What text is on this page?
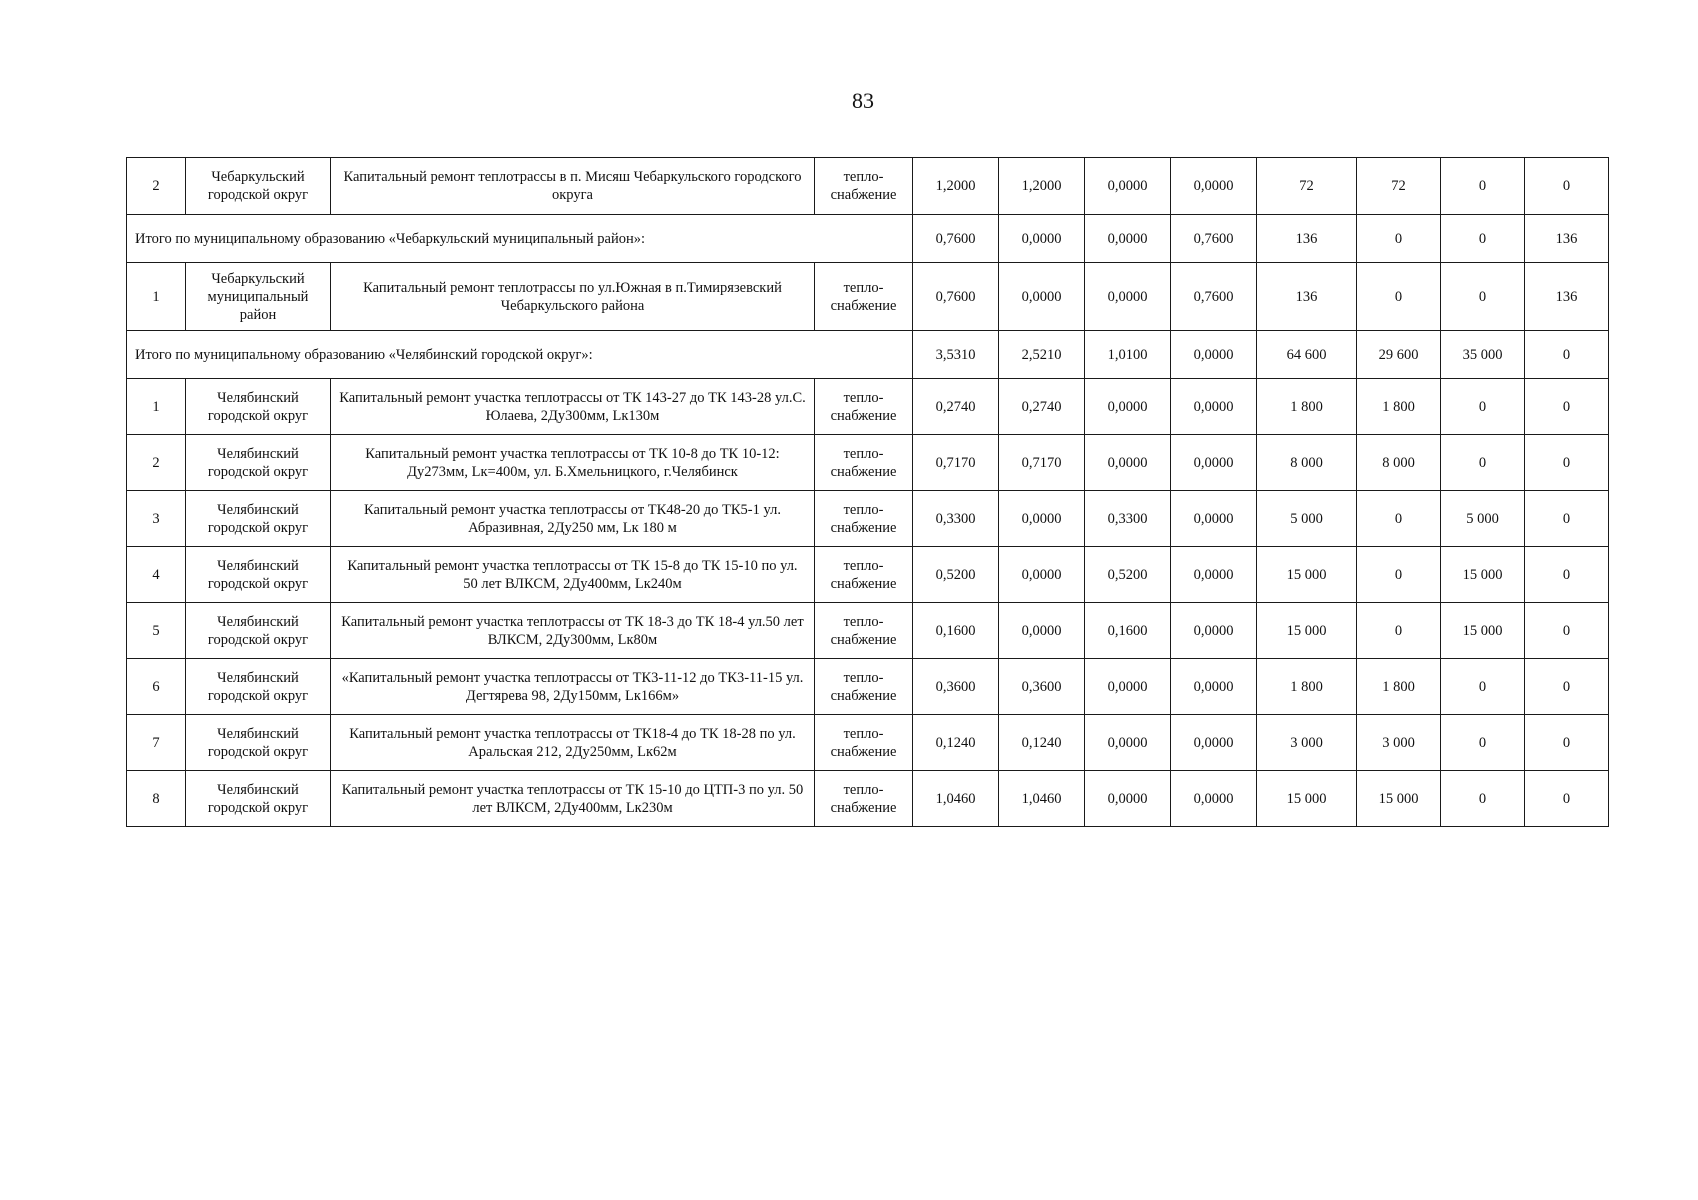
83
2	Чебаркульский городской округ	Капитальный ремонт теплотрассы в п. Мисяш Чебаркульского городского округа	тепло-снабжение	1,2000	1,2000	0,0000	0,0000	72	72	0	0
Итого по муниципальному образованию «Чебаркульский муниципальный район»:				0,7600	0,0000	0,0000	0,7600	136	0	0	136
1	Чебаркульский муниципальный район	Капитальный ремонт теплотрассы по ул.Южная в п.Тимирязевский Чебаркульского района	тепло-снабжение	0,7600	0,0000	0,0000	0,7600	136	0	0	136
Итого по муниципальному образованию «Челябинский городской округ»:				3,5310	2,5210	1,0100	0,0000	64 600	29 600	35 000	0
1	Челябинский городской округ	Капитальный ремонт участка теплотрассы от ТК 143-27 до ТК 143-28 ул.С. Юлаева, 2Ду300мм, Lк130м	тепло-снабжение	0,2740	0,2740	0,0000	0,0000	1 800	1 800	0	0
2	Челябинский городской округ	Капитальный ремонт участка теплотрассы от ТК 10-8 до ТК 10-12: Ду273мм, Lк=400м, ул. Б.Хмельницкого, г.Челябинск	тепло-снабжение	0,7170	0,7170	0,0000	0,0000	8 000	8 000	0	0
3	Челябинский городской округ	Капитальный ремонт участка теплотрассы от ТК48-20 до ТК5-1 ул. Абразивная, 2Ду250 мм, Lк 180 м	тепло-снабжение	0,3300	0,0000	0,3300	0,0000	5 000	0	5 000	0
4	Челябинский городской округ	Капитальный ремонт участка теплотрассы от ТК 15-8 до ТК 15-10 по ул. 50 лет ВЛКСМ, 2Ду400мм, Lк240м	тепло-снабжение	0,5200	0,0000	0,5200	0,0000	15 000	0	15 000	0
5	Челябинский городской округ	Капитальный ремонт участка теплотрассы от ТК 18-3 до ТК 18-4 ул.50 лет ВЛКСМ, 2Ду300мм, Lк80м	тепло-снабжение	0,1600	0,0000	0,1600	0,0000	15 000	0	15 000	0
6	Челябинский городской округ	«Капитальный ремонт участка теплотрассы от ТК3-11-12 до ТК3-11-15 ул. Дегтярева 98, 2Ду150мм, Lк166м»	тепло-снабжение	0,3600	0,3600	0,0000	0,0000	1 800	1 800	0	0
7	Челябинский городской округ	Капитальный ремонт участка теплотрассы от ТК18-4 до ТК 18-28 по ул. Аральская 212, 2Ду250мм, Lк62м	тепло-снабжение	0,1240	0,1240	0,0000	0,0000	3 000	3 000	0	0
8	Челябинский городской округ	Капитальный ремонт участка теплотрассы от ТК 15-10 до ЦТП-3 по ул. 50 лет ВЛКСМ, 2Ду400мм, Lк230м	тепло-снабжение	1,0460	1,0460	0,0000	0,0000	15 000	15 000	0	0
